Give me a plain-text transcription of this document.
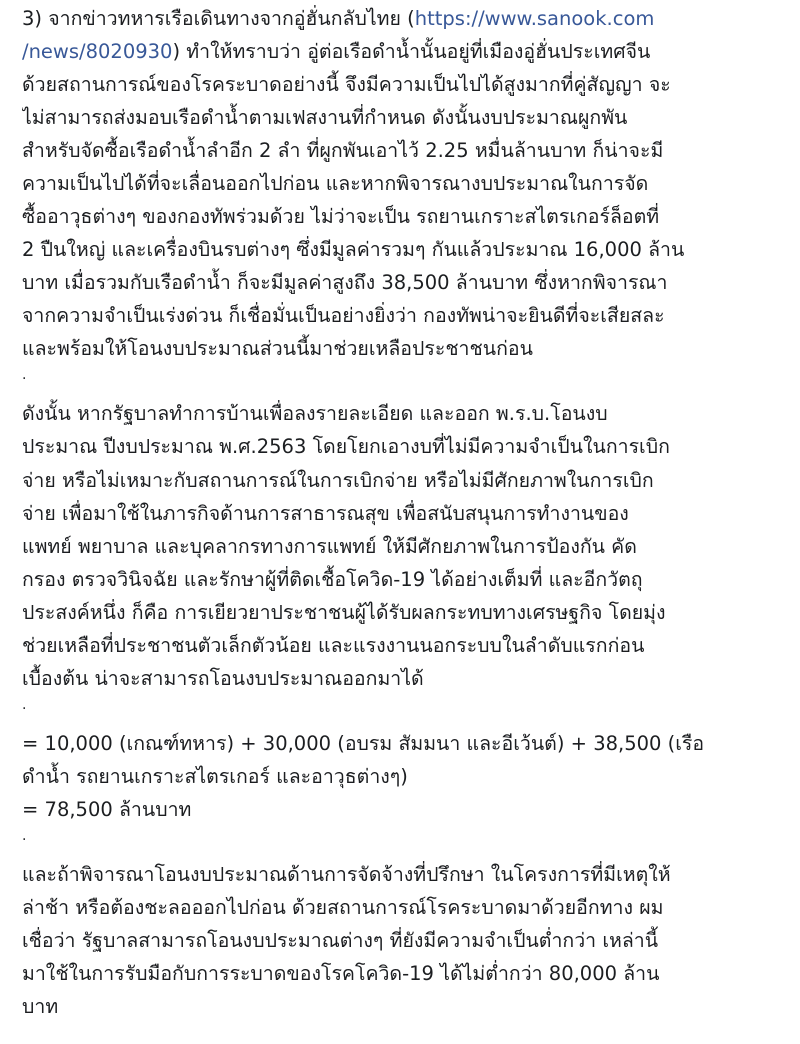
3) จากข่าวทหารเรือเดินทางจากอู่ฮั่นกลับไทย (https://www.sanook.com
/news/8020930) ทำให้ทราบว่า อู่ต่อเรือดำน้ำนั้นอยู่ที่เมืองอู่ฮั่นประเทศจีน
ด้วยสถานการณ์ของโรคระบาดอย่างนี้ จึงมีความเป็นไปได้สูงมากที่คู่สัญญา จะ
ไม่สามารถส่งมอบเรือดำน้ำตามเฟสงานที่กำหนด ดังนั้นงบประมาณผูกพัน
สำหรับจัดซื้อเรือดำน้ำลำอีก 2 ลำ ที่ผูกพันเอาไว้ 2.25 หมื่นล้านบาท ก็น่าจะมี
ความเป็นไปได้ที่จะเลื่อนออกไปก่อน และหากพิจารณางบประมาณในการจัด
ซื้ออาวุธต่างๆ ของกองทัพร่วมด้วย ไม่ว่าจะเป็น รถยานเกราะสไตรเกอร์ล็อตที่
2 ปืนใหญ่ และเครื่องบินรบต่างๆ ซึ่งมีมูลค่ารวมๆ กันแล้วประมาณ 16,000 ล้าน
บาท เมื่อรวมกับเรือดำน้ำ ก็จะมีมูลค่าสูงถึง 38,500 ล้านบาท ซึ่งหากพิจารณา
จากความจำเป็นเร่งด่วน ก็เชื่อมั่นเป็นอย่างยิ่งว่า กองทัพน่าจะยินดีที่จะเสียสละ
และพร้อมให้โอนงบประมาณส่วนนี้มาช่วยเหลือประชาชนก่อน
.
ดังนั้น หากรัฐบาลทำการบ้านเพื่อลงรายละเอียด และออก พ.ร.บ.โอนงบ
ประมาณ ปีงบประมาณ พ.ศ.2563 โดยโยกเอางบที่ไม่มีความจำเป็นในการเบิก
จ่าย หรือไม่เหมาะกับสถานการณ์ในการเบิกจ่าย หรือไม่มีศักยภาพในการเบิก
จ่าย เพื่อมาใช้ในภารกิจด้านการสาธารณสุข เพื่อสนับสนุนการทำงานของ
แพทย์ พยาบาล และบุคลากรทางการแพทย์ ให้มีศักยภาพในการป้องกัน คัด
กรอง ตรวจวินิจฉัย และรักษาผู้ที่ติดเชื้อโควิด-19 ได้อย่างเต็มที่ และอีกวัตถุ
ประสงค์หนึ่ง ก็คือ การเยียวยาประชาชนผู้ได้รับผลกระทบทางเศรษฐกิจ โดยมุ่ง
ช่วยเหลือที่ประชาชนตัวเล็กตัวน้อย และแรงงานนอกระบบในลำดับแรกก่อน
เบื้องต้น น่าจะสามารถโอนงบประมาณออกมาได้
.
= 10,000 (เกณฑ์ทหาร) + 30,000 (อบรม สัมมนา และอีเว้นต์) + 38,500 (เรือ
ดำน้ำ รถยานเกราะสไตรเกอร์ และอาวุธต่างๆ)
= 78,500 ล้านบาท
.
และถ้าพิจารณาโอนงบประมาณด้านการจัดจ้างที่ปรึกษา ในโครงการที่มีเหตุให้
ล่าช้า หรือต้องชะลอออกไปก่อน ด้วยสถานการณ์โรคระบาดมาด้วยอีกทาง ผม
เชื่อว่า รัฐบาลสามารถโอนงบประมาณต่างๆ ที่ยังมีความจำเป็นต่ำกว่า เหล่านี้
มาใช้ในการรับมือกับการระบาดของโรคโควิด-19 ได้ไม่ต่ำกว่า 80,000 ล้าน
บาท
